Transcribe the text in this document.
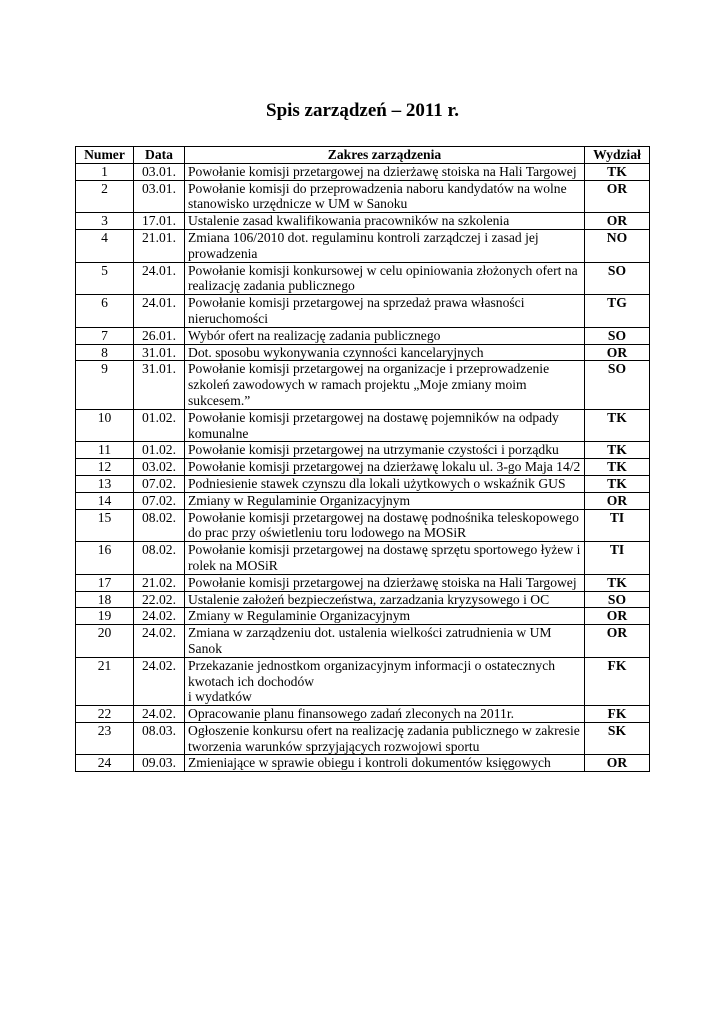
Spis zarządzeń – 2011 r.
Numer	Data	Zakres zarządzenia	Wydział
1	03.01.	Powołanie komisji przetargowej na dzierżawę stoiska na Hali Targowej	TK
2	03.01.	Powołanie komisji do przeprowadzenia naboru kandydatów na wolne stanowisko urzędnicze w UM w Sanoku	OR
3	17.01.	Ustalenie zasad kwalifikowania pracowników na szkolenia	OR
4	21.01.	Zmiana 106/2010 dot. regulaminu kontroli zarządczej i zasad jej prowadzenia	NO
5	24.01.	Powołanie komisji konkursowej w celu opiniowania złożonych ofert na realizację zadania publicznego	SO
6	24.01.	Powołanie komisji przetargowej na sprzedaż prawa własności nieruchomości	TG
7	26.01.	Wybór ofert na realizację zadania publicznego	SO
8	31.01.	Dot. sposobu wykonywania czynności kancelaryjnych	OR
9	31.01.	Powołanie komisji przetargowej na organizacje i przeprowadzenie szkoleń zawodowych w ramach projektu „Moje zmiany moim sukcesem.”	SO
10	01.02.	Powołanie komisji przetargowej na dostawę pojemników na odpady komunalne	TK
11	01.02.	Powołanie komisji przetargowej na utrzymanie czystości i porządku	TK
12	03.02.	Powołanie komisji przetargowej na dzierżawę lokalu ul. 3-go Maja 14/2	TK
13	07.02.	Podniesienie stawek czynszu dla lokali użytkowych o wskaźnik GUS	TK
14	07.02.	Zmiany w Regulaminie Organizacyjnym	OR
15	08.02.	Powołanie komisji przetargowej na dostawę podnośnika teleskopowego do prac przy oświetleniu toru lodowego na MOSiR	TI
16	08.02.	Powołanie komisji przetargowej na dostawę sprzętu sportowego łyżew i rolek na MOSiR	TI
17	21.02.	Powołanie komisji przetargowej na dzierżawę stoiska na Hali Targowej	TK
18	22.02.	Ustalenie założeń bezpieczeństwa, zarzadzania kryzysowego i OC	SO
19	24.02.	Zmiany w Regulaminie Organizacyjnym	OR
20	24.02.	Zmiana w zarządzeniu dot. ustalenia wielkości zatrudnienia w UM Sanok	OR
21	24.02.	Przekazanie jednostkom organizacyjnym informacji o ostatecznych kwotach ich dochodów
i wydatków	FK
22	24.02.	Opracowanie planu finansowego zadań zleconych na 2011r.	FK
23	08.03.	Ogłoszenie konkursu ofert na realizację zadania publicznego w zakresie tworzenia warunków sprzyjających rozwojowi sportu	SK
24	09.03.	Zmieniające w sprawie obiegu i kontroli dokumentów księgowych	OR
